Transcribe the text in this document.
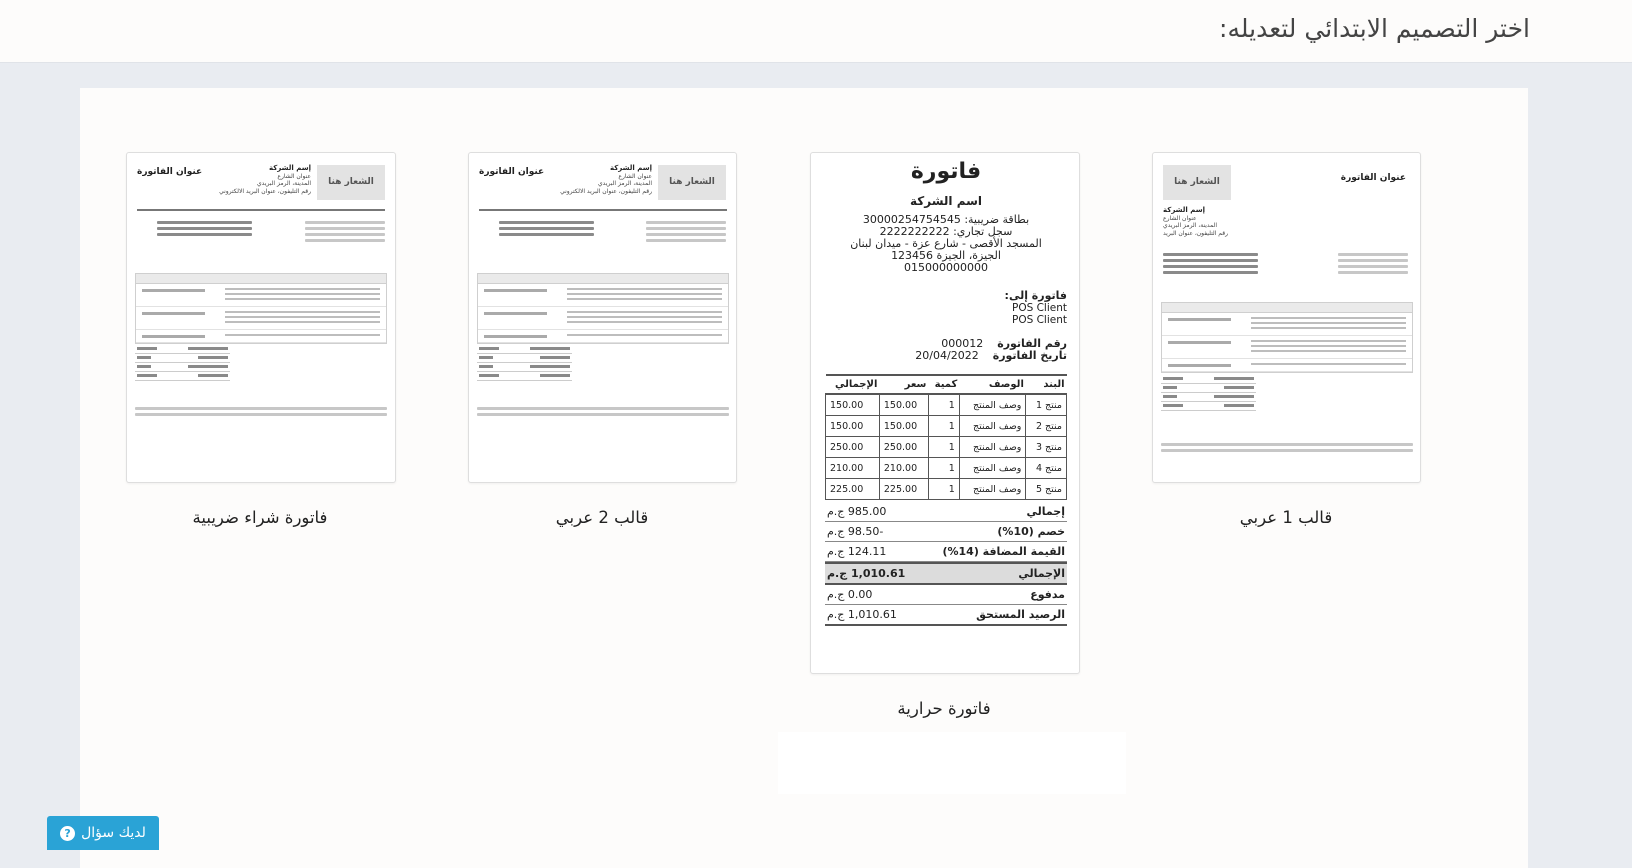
اختر التصميم الابتدائي لتعديله:
عنوان الفاتورة
الشعار هنا
إسم الشركة
عنوان الشارع
المدينة، الرمز البريدي
رقم التليفون، عنوان البريد
قالب 1 عربي
فاتورة
اسم الشركة
بطاقة ضريبية: 30000254754545
سجل تجاري: 2222222222
المسجد الأقصى - شارع عزة - ميدان لبنان
الجيزة، الجيزة 123456
015000000000
فاتورة إلى:
POS Client
POS Client
رقم الفاتورة
000012
تاريخ الفاتورة
20/04/2022
البند	الوصف	كمية	سعر	الإجمالي
منتج 1	وصف المنتج	1	150.00	150.00
منتج 2	وصف المنتج	1	150.00	150.00
منتج 3	وصف المنتج	1	250.00	250.00
منتج 4	وصف المنتج	1	210.00	210.00
منتج 5	وصف المنتج	1	225.00	225.00
إجمالي
985.00 ج.م
خصم (10%)
-98.50 ج.م
القيمة المضافة (14%)
124.11 ج.م
الإجمالي
1,010.61 ج.م
مدفوع
0.00 ج.م
الرصيد المستحق
1,010.61 ج.م
فاتورة حرارية
عنوان الفاتورة
الشعار هنا
إسم الشركة
عنوان الشارع
المدينة، الرمز البريدي
رقم التليفون، عنوان البريد الالكتروني
قالب 2 عربي
عنوان الفاتورة
الشعار هنا
إسم الشركة
عنوان الشارع
المدينة، الرمز البريدي
رقم التليفون، عنوان البريد الالكتروني
فاتورة شراء ضريبية
لديك سؤال
?
